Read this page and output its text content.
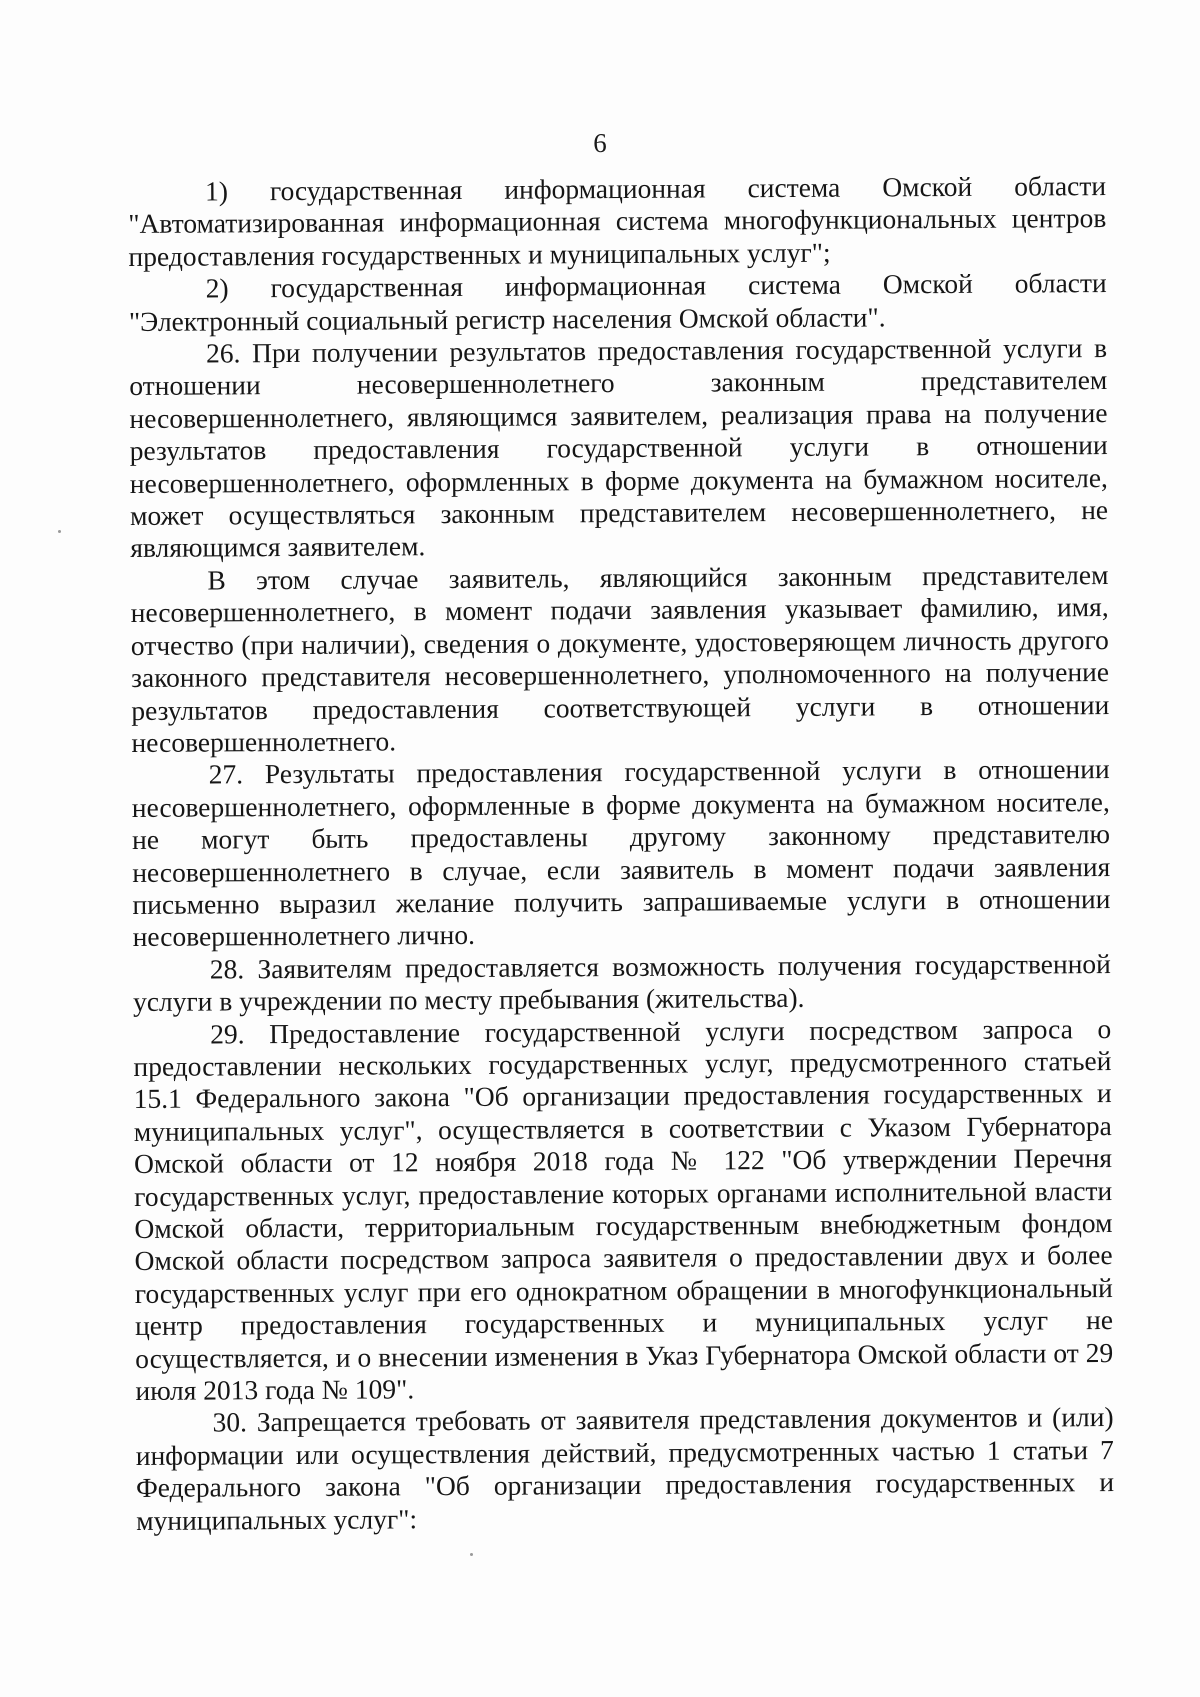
6

1) государственная информационная система Омской области "Автоматизированная информационная система многофункциональных центров предоставления государственных и муниципальных услуг";

2) государственная информационная система Омской области "Электронный социальный регистр населения Омской области".

26. При получении результатов предоставления государственной услуги в отношении несовершеннолетнего законным представителем несовершеннолетнего, являющимся заявителем, реализация права на получение результатов предоставления государственной услуги в отношении несовершеннолетнего, оформленных в форме документа на бумажном носителе, может осуществляться законным представителем несовершеннолетнего, не являющимся заявителем.

В этом случае заявитель, являющийся законным представителем несовершеннолетнего, в момент подачи заявления указывает фамилию, имя, отчество (при наличии), сведения о документе, удостоверяющем личность другого законного представителя несовершеннолетнего, уполномоченного на получение результатов предоставления соответствующей услуги в отношении несовершеннолетнего.

27. Результаты предоставления государственной услуги в отношении несовершеннолетнего, оформленные в форме документа на бумажном носителе, не могут быть предоставлены другому законному представителю несовершеннолетнего в случае, если заявитель в момент подачи заявления письменно выразил желание получить запрашиваемые услуги в отношении несовершеннолетнего лично.

28. Заявителям предоставляется возможность получения государственной услуги в учреждении по месту пребывания (жительства).

29. Предоставление государственной услуги посредством запроса о предоставлении нескольких государственных услуг, предусмотренного статьей 15.1 Федерального закона "Об организации предоставления государственных и муниципальных услуг", осуществляется в соответствии с Указом Губернатора Омской области от 12 ноября 2018 года № 122 "Об утверждении Перечня государственных услуг, предоставление которых органами исполнительной власти Омской области, территориальным государственным внебюджетным фондом Омской области посредством запроса заявителя о предоставлении двух и более государственных услуг при его однократном обращении в многофункциональный центр предоставления государственных и муниципальных услуг не осуществляется, и о внесении изменения в Указ Губернатора Омской области от 29 июля 2013 года № 109".

30. Запрещается требовать от заявителя представления документов и (или) информации или осуществления действий, предусмотренных частью 1 статьи 7 Федерального закона "Об организации предоставления государственных и муниципальных услуг":
